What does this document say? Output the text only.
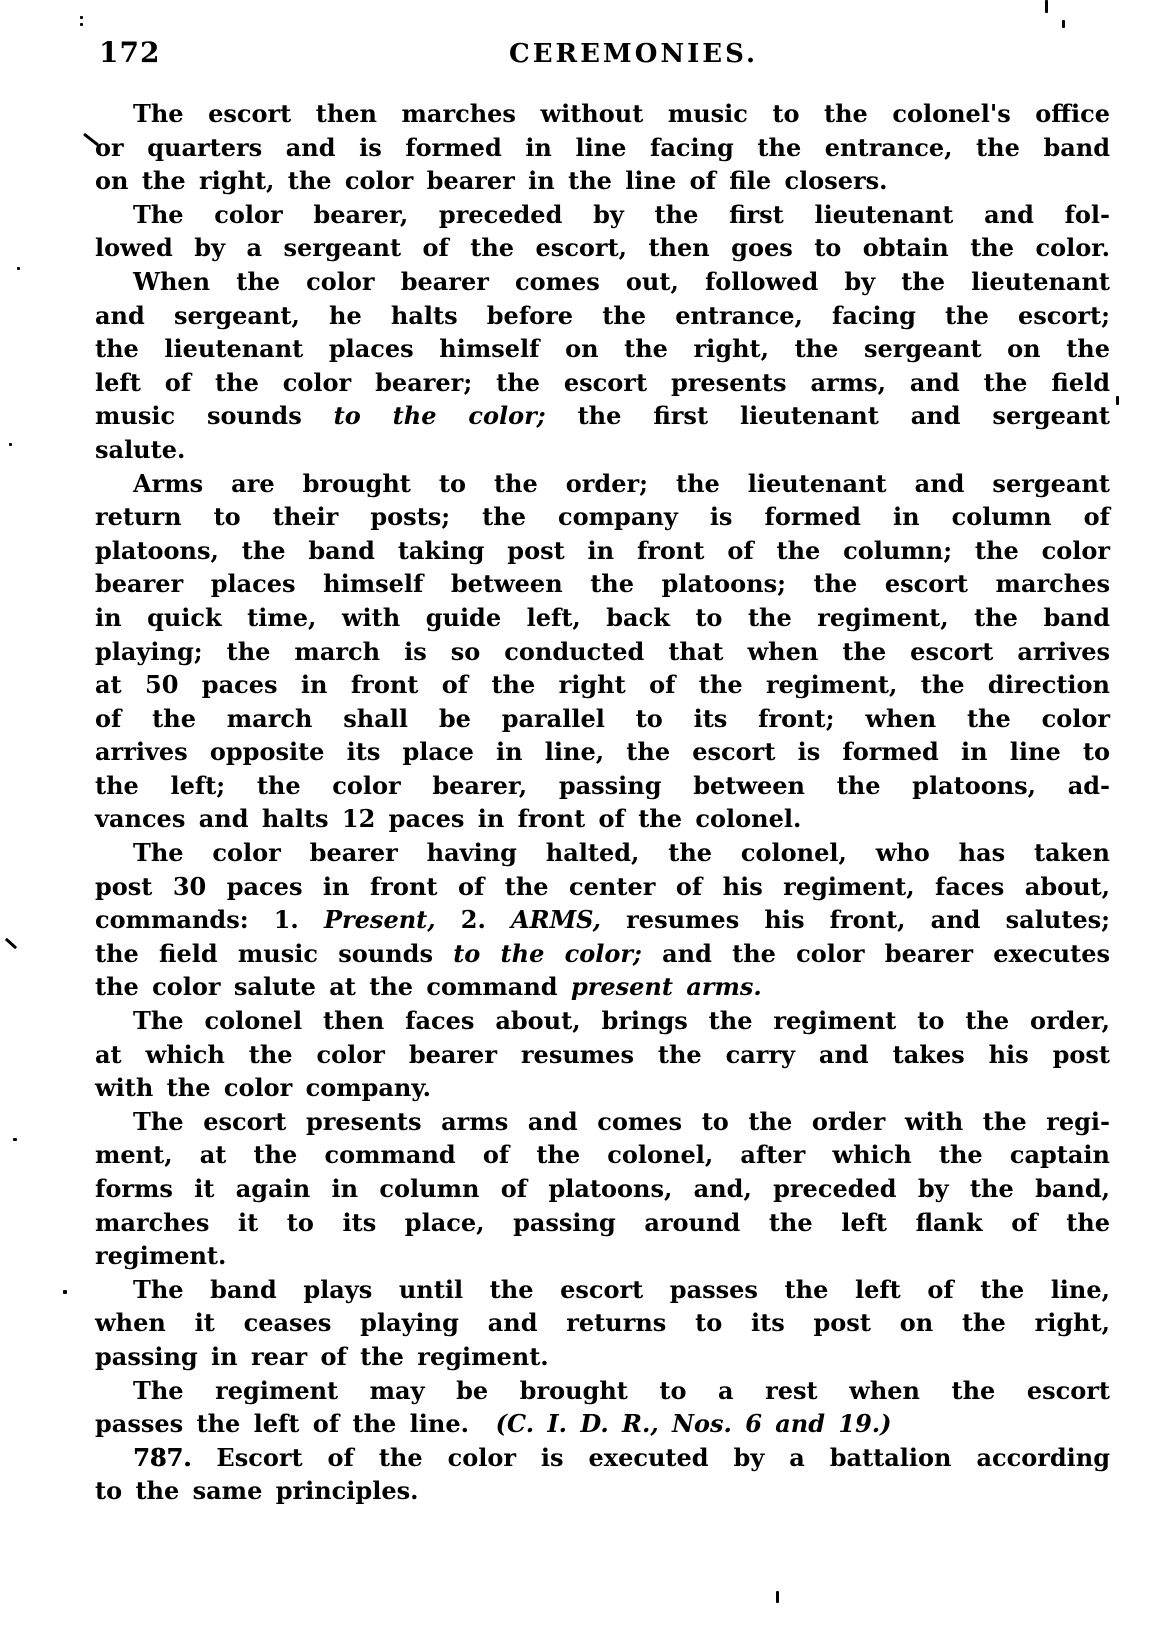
172	CEREMONIES.
The escort then marches without music to the colonel's office
or quarters and is formed in line facing the entrance, the band
on the right, the color bearer in the line of file closers.
The color bearer, preceded by the first lieutenant and fol-
lowed by a sergeant of the escort, then goes to obtain the color.
When the color bearer comes out, followed by the lieutenant
and sergeant, he halts before the entrance, facing the escort;
the lieutenant places himself on the right, the sergeant on the
left of the color bearer; the escort presents arms, and the field
music sounds to the color; the first lieutenant and sergeant
salute.
Arms are brought to the order; the lieutenant and sergeant
return to their posts; the company is formed in column of
platoons, the band taking post in front of the column; the color
bearer places himself between the platoons; the escort marches
in quick time, with guide left, back to the regiment, the band
playing; the march is so conducted that when the escort arrives
at 50 paces in front of the right of the regiment, the direction
of the march shall be parallel to its front; when the color
arrives opposite its place in line, the escort is formed in line to
the left; the color bearer, passing between the platoons, ad-
vances and halts 12 paces in front of the colonel.
The color bearer having halted, the colonel, who has taken
post 30 paces in front of the center of his regiment, faces about,
commands: 1. Present, 2. ARMS, resumes his front, and salutes;
the field music sounds to the color; and the color bearer executes
the color salute at the command present arms.
The colonel then faces about, brings the regiment to the order,
at which the color bearer resumes the carry and takes his post
with the color company.
The escort presents arms and comes to the order with the regi-
ment, at the command of the colonel, after which the captain
forms it again in column of platoons, and, preceded by the band,
marches it to its place, passing around the left flank of the
regiment.
The band plays until the escort passes the left of the line,
when it ceases playing and returns to its post on the right,
passing in rear of the regiment.
The regiment may be brought to a rest when the escort
passes the left of the line.  (C. I. D. R., Nos. 6 and 19.)
787. Escort of the color is executed by a battalion according
to the same principles.
